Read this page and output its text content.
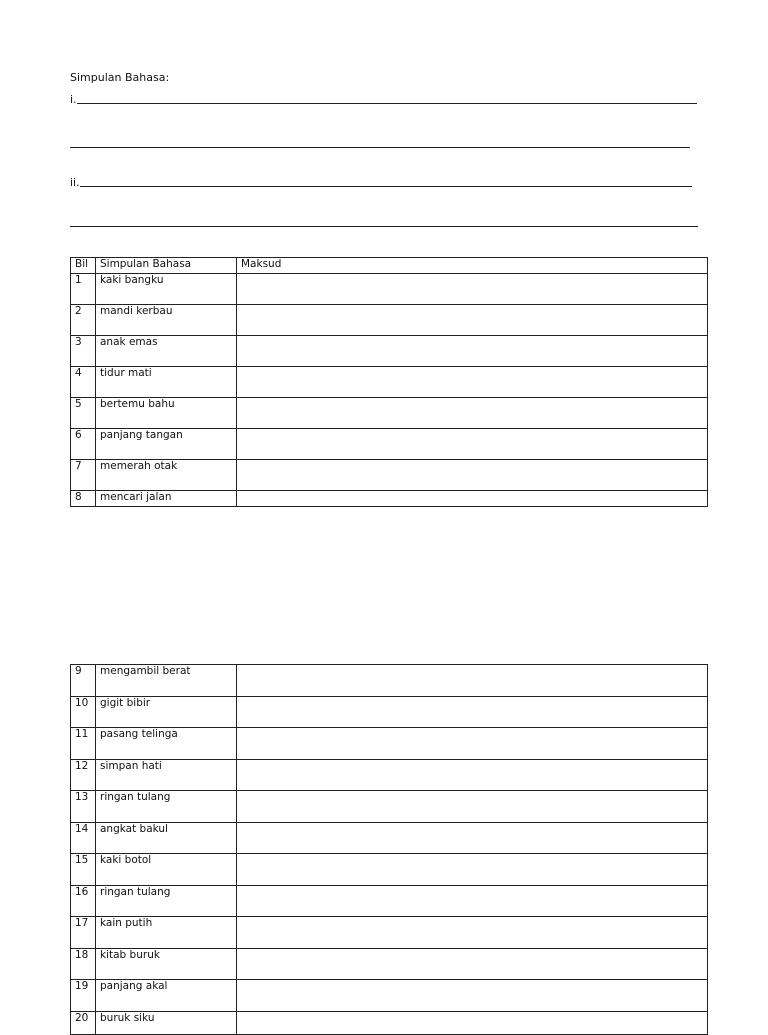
Simpulan Bahasa:
i.
ii.
Bil	Simpulan Bahasa	Maksud
1	kaki bangku	
2	mandi kerbau	
3	anak emas	
4	tidur mati	
5	bertemu bahu	
6	panjang tangan	
7	memerah otak	
8	mencari jalan	
9	mengambil berat	
10	gigit bibir	
11	pasang telinga	
12	simpan hati	
13	ringan tulang	
14	angkat bakul	
15	kaki botol	
16	ringan tulang	
17	kain putih	
18	kitab buruk	
19	panjang akal	
20	buruk siku	
